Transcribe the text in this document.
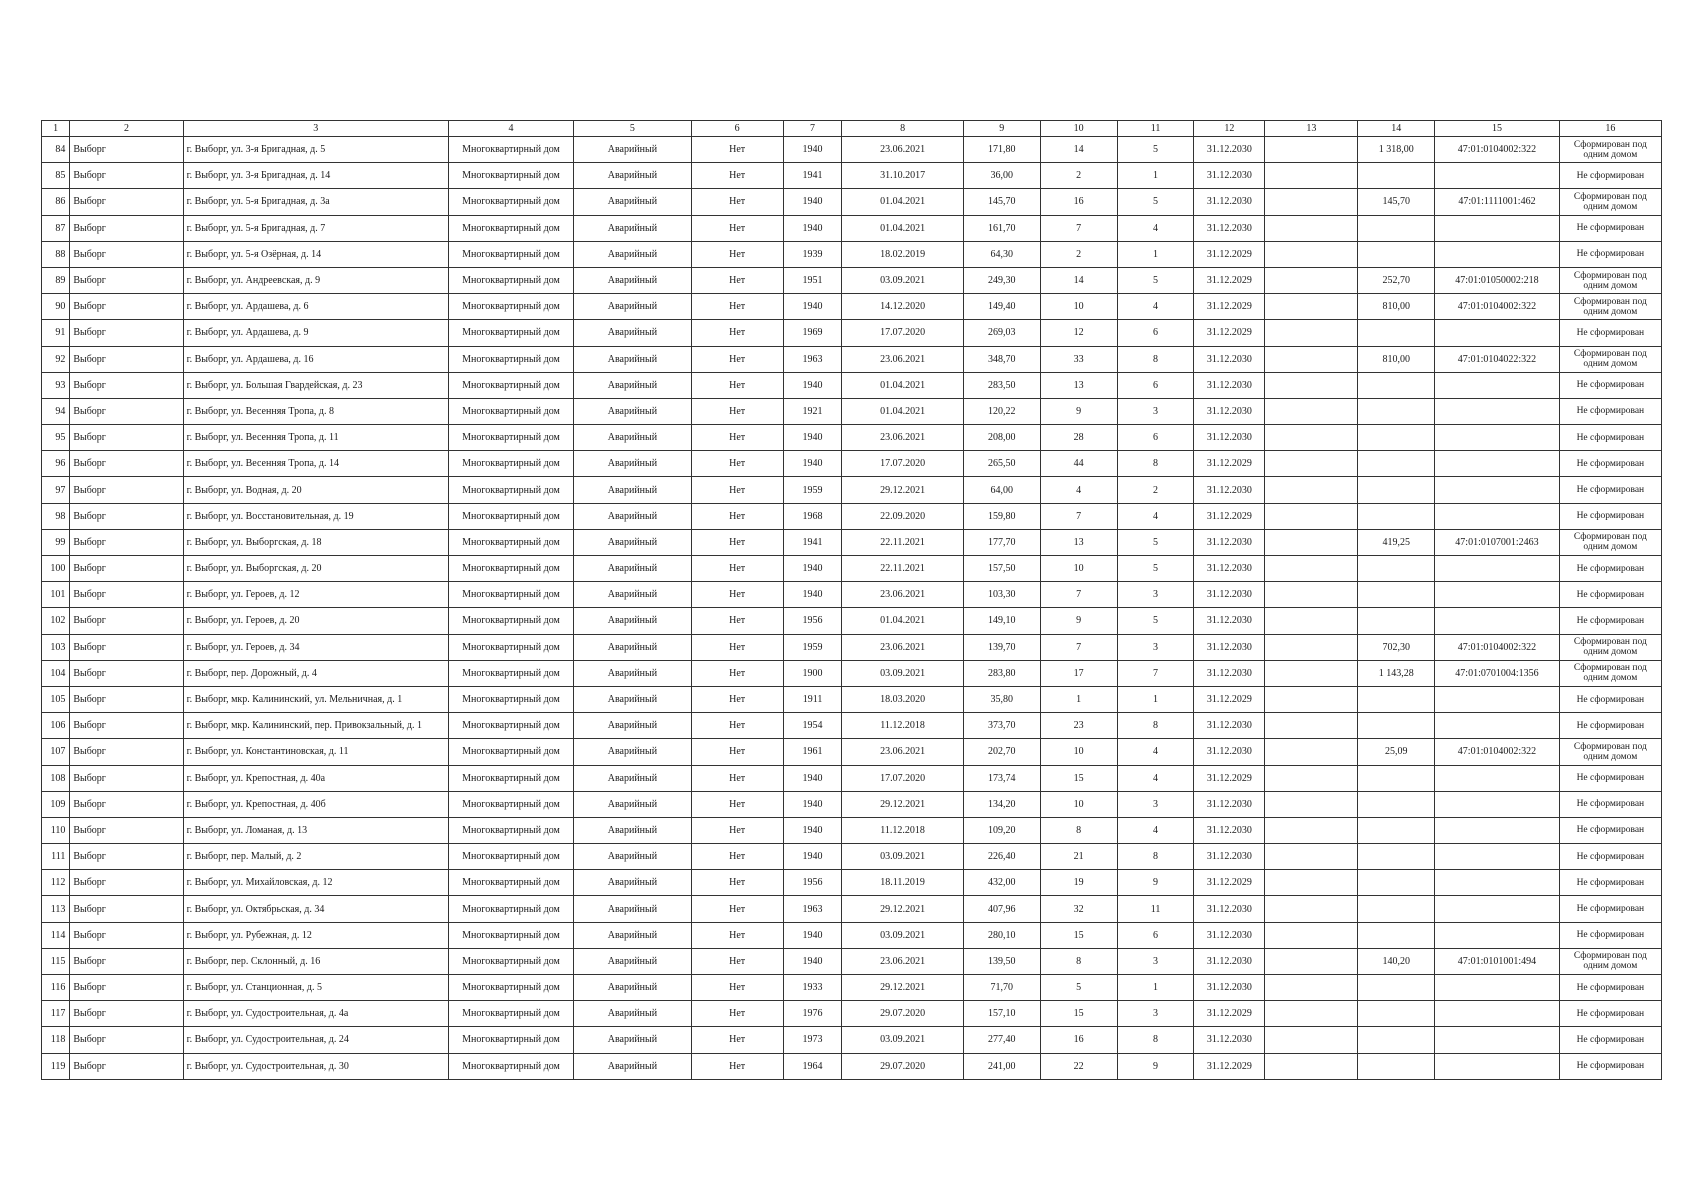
1	2	3	4	5	6	7	8	9	10	11	12	13	14	15	16
84	Выборг	г. Выборг, ул. 3-я Бригадная, д. 5	Многоквартирный дом	Аварийный	Нет	1940	23.06.2021	171,80	14	5	31.12.2030		1 318,00	47:01:0104002:322	Сформирован под одним домом
85	Выборг	г. Выборг, ул. 3-я Бригадная, д. 14	Многоквартирный дом	Аварийный	Нет	1941	31.10.2017	36,00	2	1	31.12.2030				Не сформирован
86	Выборг	г. Выборг, ул. 5-я Бригадная, д. 3а	Многоквартирный дом	Аварийный	Нет	1940	01.04.2021	145,70	16	5	31.12.2030		145,70	47:01:1111001:462	Сформирован под одним домом
87	Выборг	г. Выборг, ул. 5-я Бригадная, д. 7	Многоквартирный дом	Аварийный	Нет	1940	01.04.2021	161,70	7	4	31.12.2030				Не сформирован
88	Выборг	г. Выборг, ул. 5-я Озёрная, д. 14	Многоквартирный дом	Аварийный	Нет	1939	18.02.2019	64,30	2	1	31.12.2029				Не сформирован
89	Выборг	г. Выборг, ул. Андреевская, д. 9	Многоквартирный дом	Аварийный	Нет	1951	03.09.2021	249,30	14	5	31.12.2029		252,70	47:01:01050002:218	Сформирован под одним домом
90	Выборг	г. Выборг, ул. Ардашева, д. 6	Многоквартирный дом	Аварийный	Нет	1940	14.12.2020	149,40	10	4	31.12.2029		810,00	47:01:0104002:322	Сформирован под одним домом
91	Выборг	г. Выборг, ул. Ардашева, д. 9	Многоквартирный дом	Аварийный	Нет	1969	17.07.2020	269,03	12	6	31.12.2029				Не сформирован
92	Выборг	г. Выборг, ул. Ардашева, д. 16	Многоквартирный дом	Аварийный	Нет	1963	23.06.2021	348,70	33	8	31.12.2030		810,00	47:01:0104022:322	Сформирован под одним домом
93	Выборг	г. Выборг, ул. Большая Гвардейская, д. 23	Многоквартирный дом	Аварийный	Нет	1940	01.04.2021	283,50	13	6	31.12.2030				Не сформирован
94	Выборг	г. Выборг, ул. Весенняя Тропа, д. 8	Многоквартирный дом	Аварийный	Нет	1921	01.04.2021	120,22	9	3	31.12.2030				Не сформирован
95	Выборг	г. Выборг, ул. Весенняя Тропа, д. 11	Многоквартирный дом	Аварийный	Нет	1940	23.06.2021	208,00	28	6	31.12.2030				Не сформирован
96	Выборг	г. Выборг, ул. Весенняя Тропа, д. 14	Многоквартирный дом	Аварийный	Нет	1940	17.07.2020	265,50	44	8	31.12.2029				Не сформирован
97	Выборг	г. Выборг, ул. Водная, д. 20	Многоквартирный дом	Аварийный	Нет	1959	29.12.2021	64,00	4	2	31.12.2030				Не сформирован
98	Выборг	г. Выборг, ул. Восстановительная, д. 19	Многоквартирный дом	Аварийный	Нет	1968	22.09.2020	159,80	7	4	31.12.2029				Не сформирован
99	Выборг	г. Выборг, ул. Выборгская, д. 18	Многоквартирный дом	Аварийный	Нет	1941	22.11.2021	177,70	13	5	31.12.2030		419,25	47:01:0107001:2463	Сформирован под одним домом
100	Выборг	г. Выборг, ул. Выборгская, д. 20	Многоквартирный дом	Аварийный	Нет	1940	22.11.2021	157,50	10	5	31.12.2030				Не сформирован
101	Выборг	г. Выборг, ул. Героев, д. 12	Многоквартирный дом	Аварийный	Нет	1940	23.06.2021	103,30	7	3	31.12.2030				Не сформирован
102	Выборг	г. Выборг, ул. Героев, д. 20	Многоквартирный дом	Аварийный	Нет	1956	01.04.2021	149,10	9	5	31.12.2030				Не сформирован
103	Выборг	г. Выборг, ул. Героев, д. 34	Многоквартирный дом	Аварийный	Нет	1959	23.06.2021	139,70	7	3	31.12.2030		702,30	47:01:0104002:322	Сформирован под одним домом
104	Выборг	г. Выборг, пер. Дорожный, д. 4	Многоквартирный дом	Аварийный	Нет	1900	03.09.2021	283,80	17	7	31.12.2030		1 143,28	47:01:0701004:1356	Сформирован под одним домом
105	Выборг	г. Выборг, мкр. Калининский, ул. Мельничная, д. 1	Многоквартирный дом	Аварийный	Нет	1911	18.03.2020	35,80	1	1	31.12.2029				Не сформирован
106	Выборг	г. Выборг, мкр. Калининский, пер. Привокзальный, д. 1	Многоквартирный дом	Аварийный	Нет	1954	11.12.2018	373,70	23	8	31.12.2030				Не сформирован
107	Выборг	г. Выборг, ул. Константиновская, д. 11	Многоквартирный дом	Аварийный	Нет	1961	23.06.2021	202,70	10	4	31.12.2030		25,09	47:01:0104002:322	Сформирован под одним домом
108	Выборг	г. Выборг, ул. Крепостная, д. 40а	Многоквартирный дом	Аварийный	Нет	1940	17.07.2020	173,74	15	4	31.12.2029				Не сформирован
109	Выборг	г. Выборг, ул. Крепостная, д. 40б	Многоквартирный дом	Аварийный	Нет	1940	29.12.2021	134,20	10	3	31.12.2030				Не сформирован
110	Выборг	г. Выборг, ул. Ломаная, д. 13	Многоквартирный дом	Аварийный	Нет	1940	11.12.2018	109,20	8	4	31.12.2030				Не сформирован
111	Выборг	г. Выборг, пер. Малый, д. 2	Многоквартирный дом	Аварийный	Нет	1940	03.09.2021	226,40	21	8	31.12.2030				Не сформирован
112	Выборг	г. Выборг, ул. Михайловская, д. 12	Многоквартирный дом	Аварийный	Нет	1956	18.11.2019	432,00	19	9	31.12.2029				Не сформирован
113	Выборг	г. Выборг, ул. Октябрьская, д. 34	Многоквартирный дом	Аварийный	Нет	1963	29.12.2021	407,96	32	11	31.12.2030				Не сформирован
114	Выборг	г. Выборг, ул. Рубежная, д. 12	Многоквартирный дом	Аварийный	Нет	1940	03.09.2021	280,10	15	6	31.12.2030				Не сформирован
115	Выборг	г. Выборг, пер. Склонный, д. 16	Многоквартирный дом	Аварийный	Нет	1940	23.06.2021	139,50	8	3	31.12.2030		140,20	47:01:0101001:494	Сформирован под одним домом
116	Выборг	г. Выборг, ул. Станционная, д. 5	Многоквартирный дом	Аварийный	Нет	1933	29.12.2021	71,70	5	1	31.12.2030				Не сформирован
117	Выборг	г. Выборг, ул. Судостроительная, д. 4а	Многоквартирный дом	Аварийный	Нет	1976	29.07.2020	157,10	15	3	31.12.2029				Не сформирован
118	Выборг	г. Выборг, ул. Судостроительная, д. 24	Многоквартирный дом	Аварийный	Нет	1973	03.09.2021	277,40	16	8	31.12.2030				Не сформирован
119	Выборг	г. Выборг, ул. Судостроительная, д. 30	Многоквартирный дом	Аварийный	Нет	1964	29.07.2020	241,00	22	9	31.12.2029				Не сформирован
